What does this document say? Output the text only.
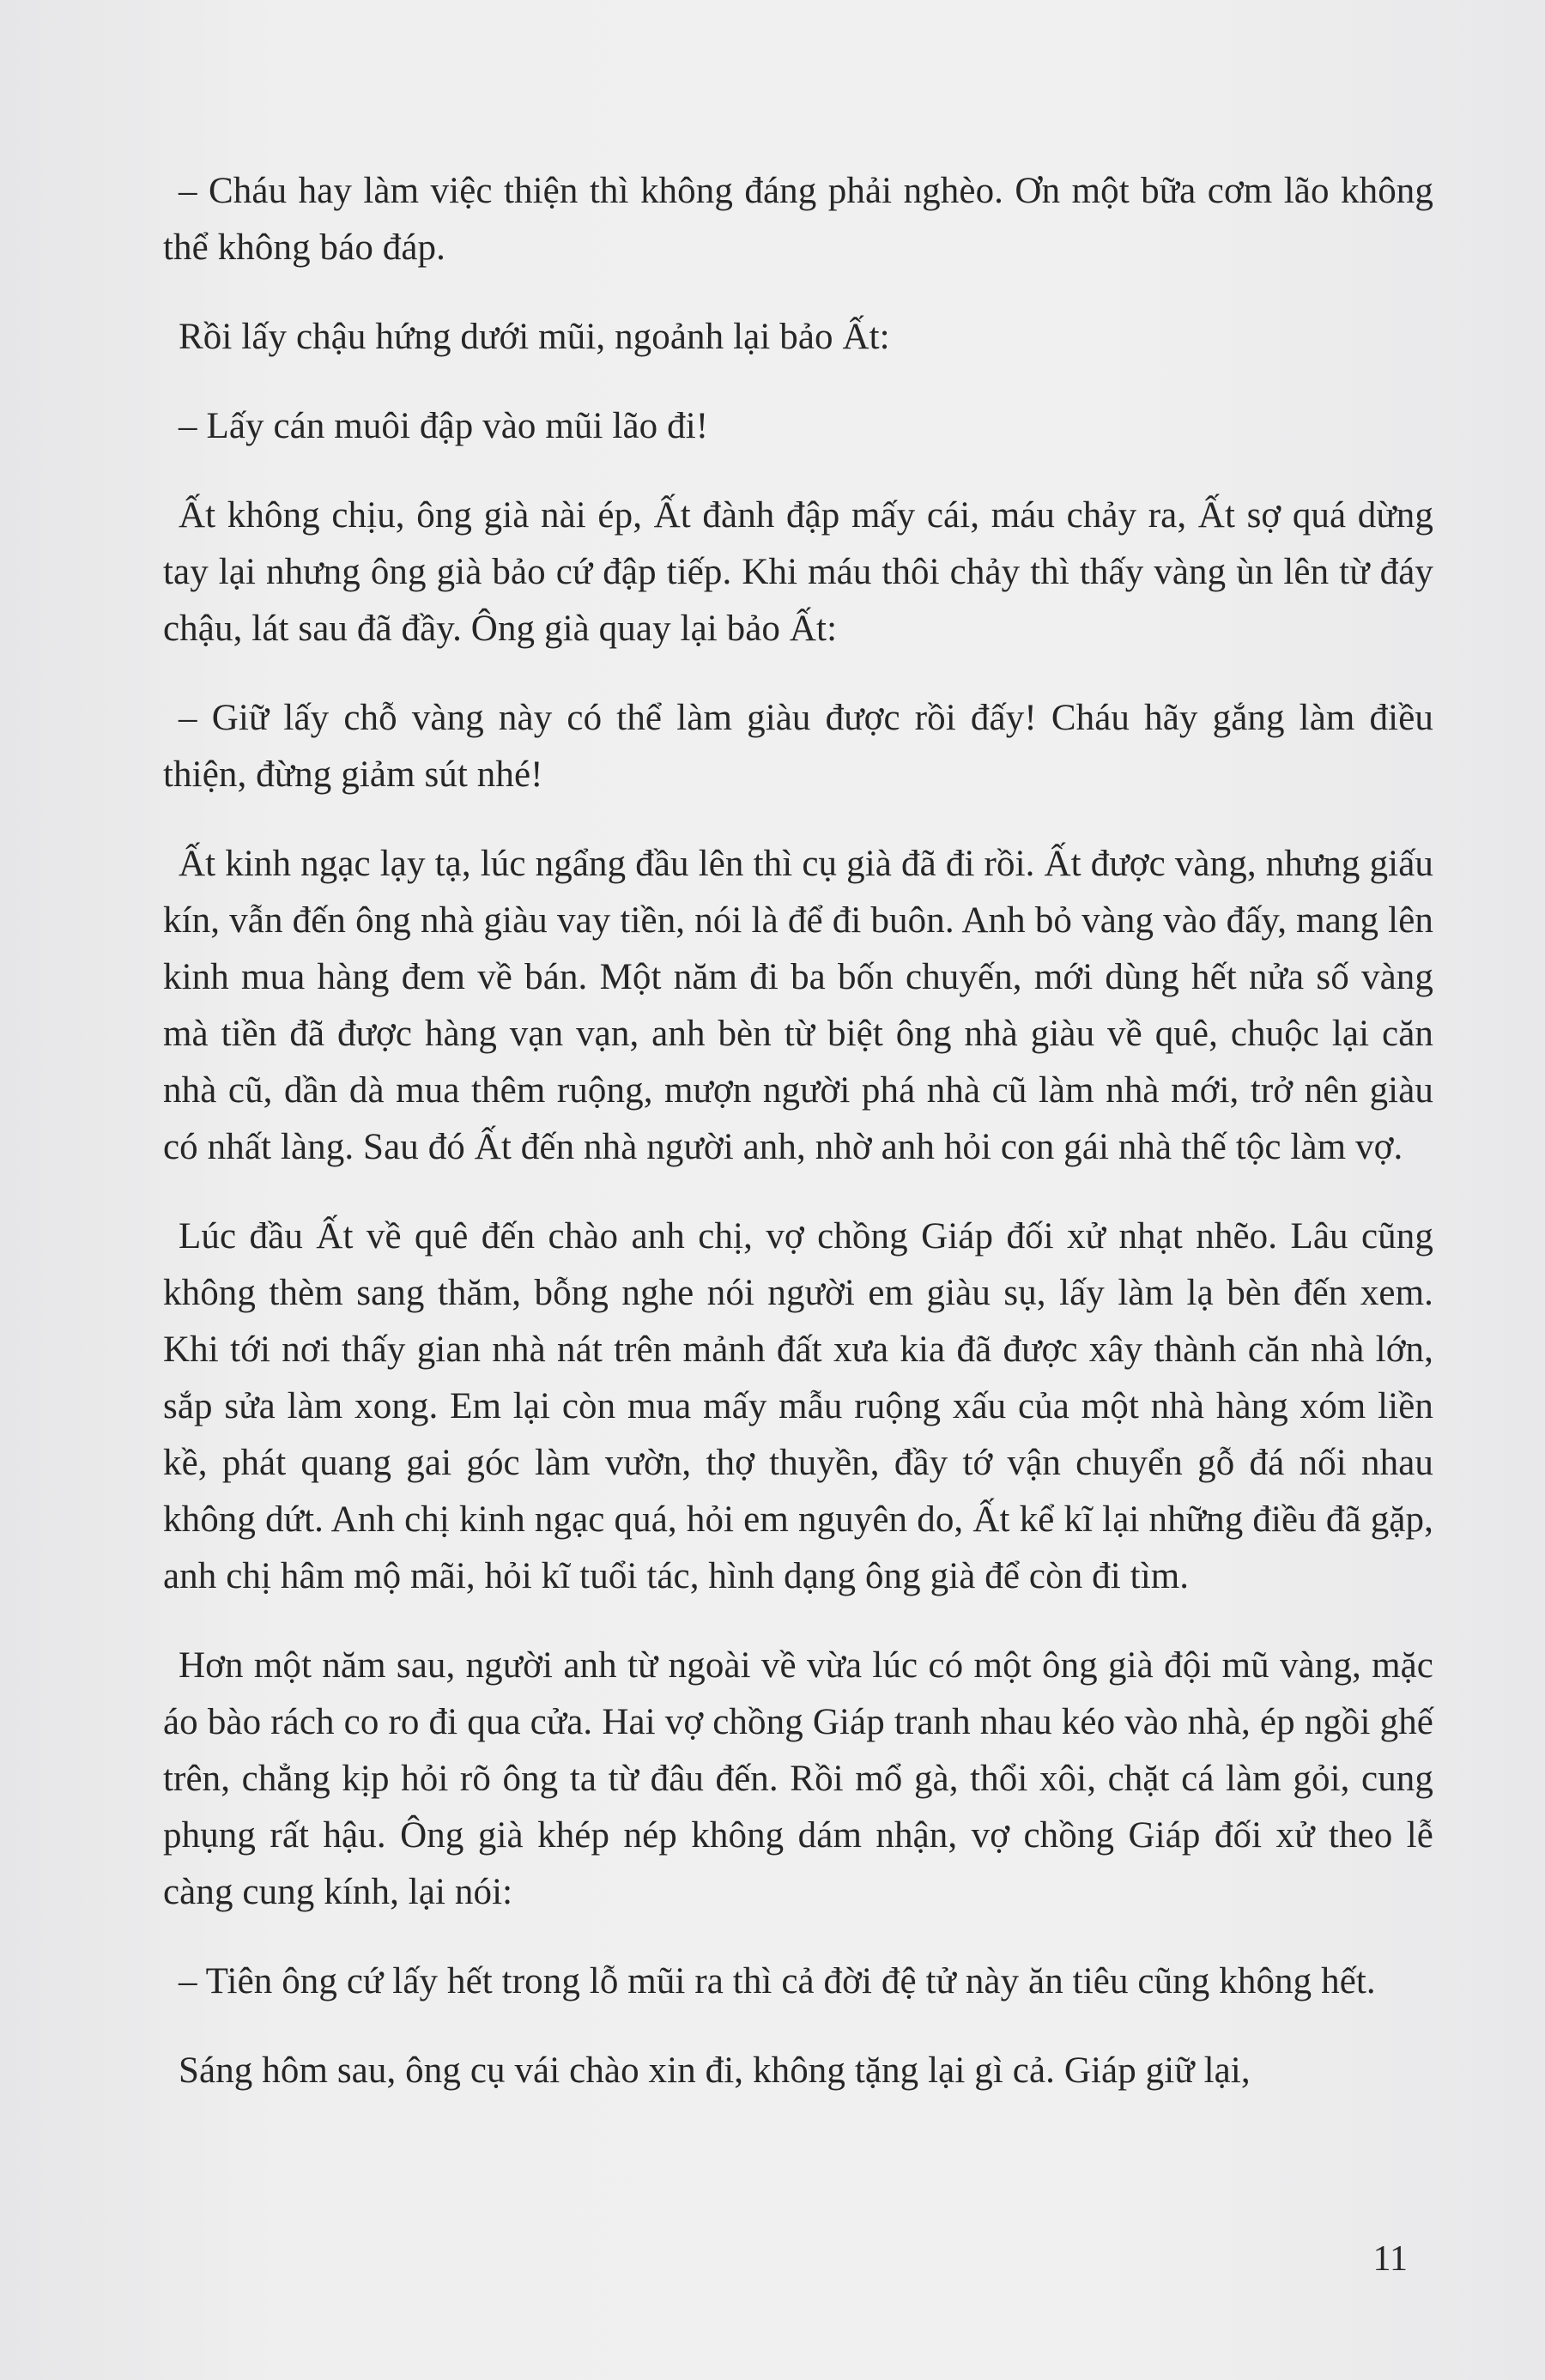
– Cháu hay làm việc thiện thì không đáng phải nghèo. Ơn một bữa cơm lão không thể không báo đáp.

Rồi lấy chậu hứng dưới mũi, ngoảnh lại bảo Ất:

– Lấy cán muôi đập vào mũi lão đi!

Ất không chịu, ông già nài ép, Ất đành đập mấy cái, máu chảy ra, Ất sợ quá dừng tay lại nhưng ông già bảo cứ đập tiếp. Khi máu thôi chảy thì thấy vàng ùn lên từ đáy chậu, lát sau đã đầy. Ông già quay lại bảo Ất:

– Giữ lấy chỗ vàng này có thể làm giàu được rồi đấy! Cháu hãy gắng làm điều thiện, đừng giảm sút nhé!

Ất kinh ngạc lạy tạ, lúc ngẩng đầu lên thì cụ già đã đi rồi. Ất được vàng, nhưng giấu kín, vẫn đến ông nhà giàu vay tiền, nói là để đi buôn. Anh bỏ vàng vào đấy, mang lên kinh mua hàng đem về bán. Một năm đi ba bốn chuyến, mới dùng hết nửa số vàng mà tiền đã được hàng vạn vạn, anh bèn từ biệt ông nhà giàu về quê, chuộc lại căn nhà cũ, dần dà mua thêm ruộng, mượn người phá nhà cũ làm nhà mới, trở nên giàu có nhất làng. Sau đó Ất đến nhà người anh, nhờ anh hỏi con gái nhà thế tộc làm vợ.

Lúc đầu Ất về quê đến chào anh chị, vợ chồng Giáp đối xử nhạt nhẽo. Lâu cũng không thèm sang thăm, bỗng nghe nói người em giàu sụ, lấy làm lạ bèn đến xem. Khi tới nơi thấy gian nhà nát trên mảnh đất xưa kia đã được xây thành căn nhà lớn, sắp sửa làm xong. Em lại còn mua mấy mẫu ruộng xấu của một nhà hàng xóm liền kề, phát quang gai góc làm vườn, thợ thuyền, đầy tớ vận chuyển gỗ đá nối nhau không dứt. Anh chị kinh ngạc quá, hỏi em nguyên do, Ất kể kĩ lại những điều đã gặp, anh chị hâm mộ mãi, hỏi kĩ tuổi tác, hình dạng ông già để còn đi tìm.

Hơn một năm sau, người anh từ ngoài về vừa lúc có một ông già đội mũ vàng, mặc áo bào rách co ro đi qua cửa. Hai vợ chồng Giáp tranh nhau kéo vào nhà, ép ngồi ghế trên, chẳng kịp hỏi rõ ông ta từ đâu đến. Rồi mổ gà, thổi xôi, chặt cá làm gỏi, cung phụng rất hậu. Ông già khép nép không dám nhận, vợ chồng Giáp đối xử theo lễ càng cung kính, lại nói:

– Tiên ông cứ lấy hết trong lỗ mũi ra thì cả đời đệ tử này ăn tiêu cũng không hết.

Sáng hôm sau, ông cụ vái chào xin đi, không tặng lại gì cả. Giáp giữ lại,

11
